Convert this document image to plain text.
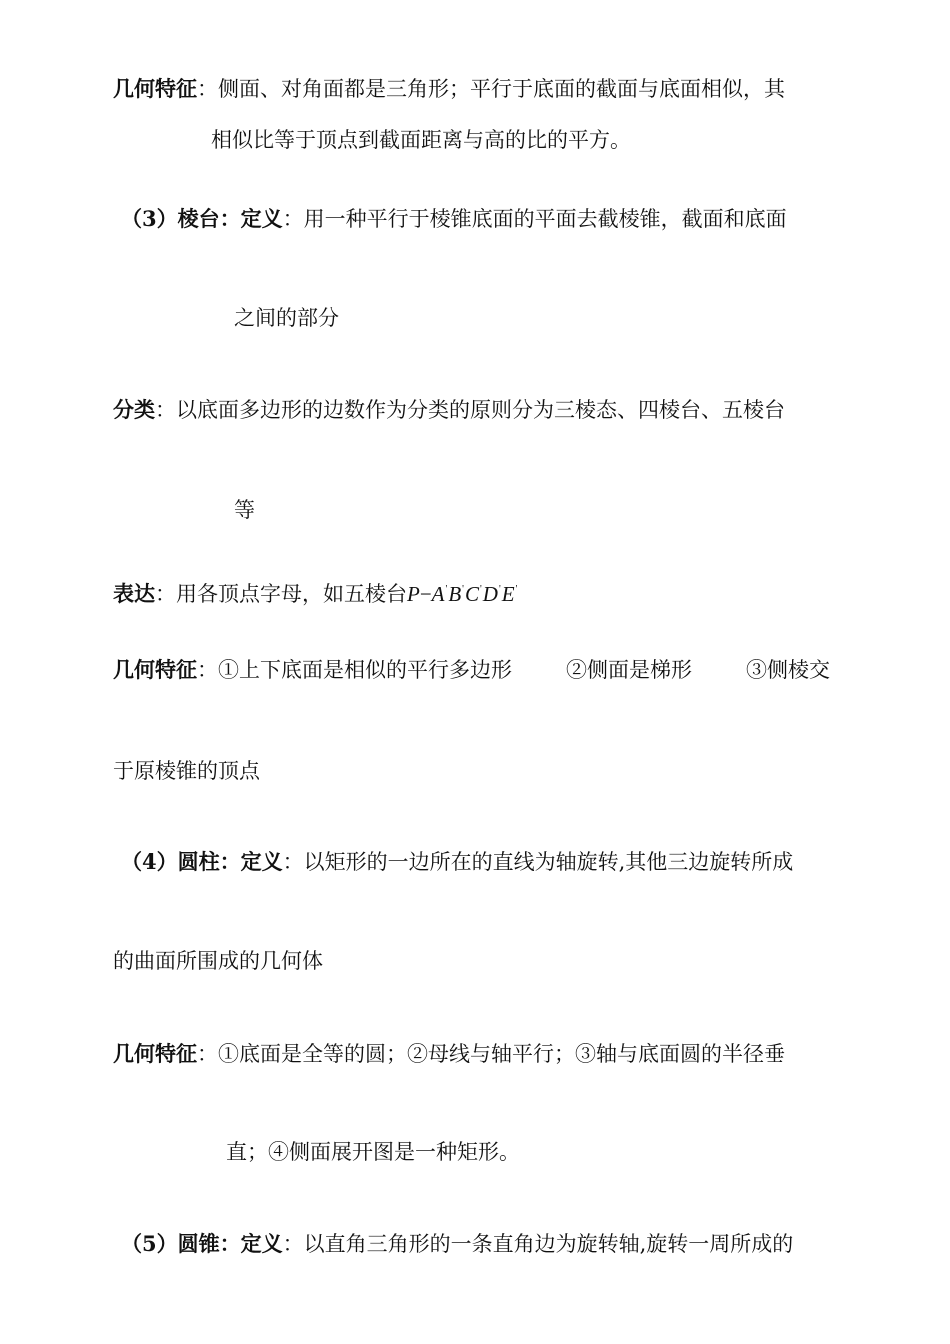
几何特征：侧面、对角面都是三角形；平行于底面的截面与底面相似，其
相似比等于顶点到截面距离与高的比的平方。
（3）棱台：定义：用一种平行于棱锥底面的平面去截棱锥，截面和底面
之间的部分
分类：以底面多边形的边数作为分类的原则分为三棱态、四棱台、五棱台
等
表达：用各顶点字母，如五棱台P−A'B'C'D'E'
几何特征：①上下底面是相似的平行多边形	②侧面是梯形	③侧棱交
于原棱锥的顶点
（4）圆柱：定义：以矩形的一边所在的直线为轴旋转,其他三边旋转所成
的曲面所围成的几何体
几何特征：①底面是全等的圆；②母线与轴平行；③轴与底面圆的半径垂
直；④侧面展开图是一种矩形。
（5）圆锥：定义：以直角三角形的一条直角边为旋转轴,旋转一周所成的
